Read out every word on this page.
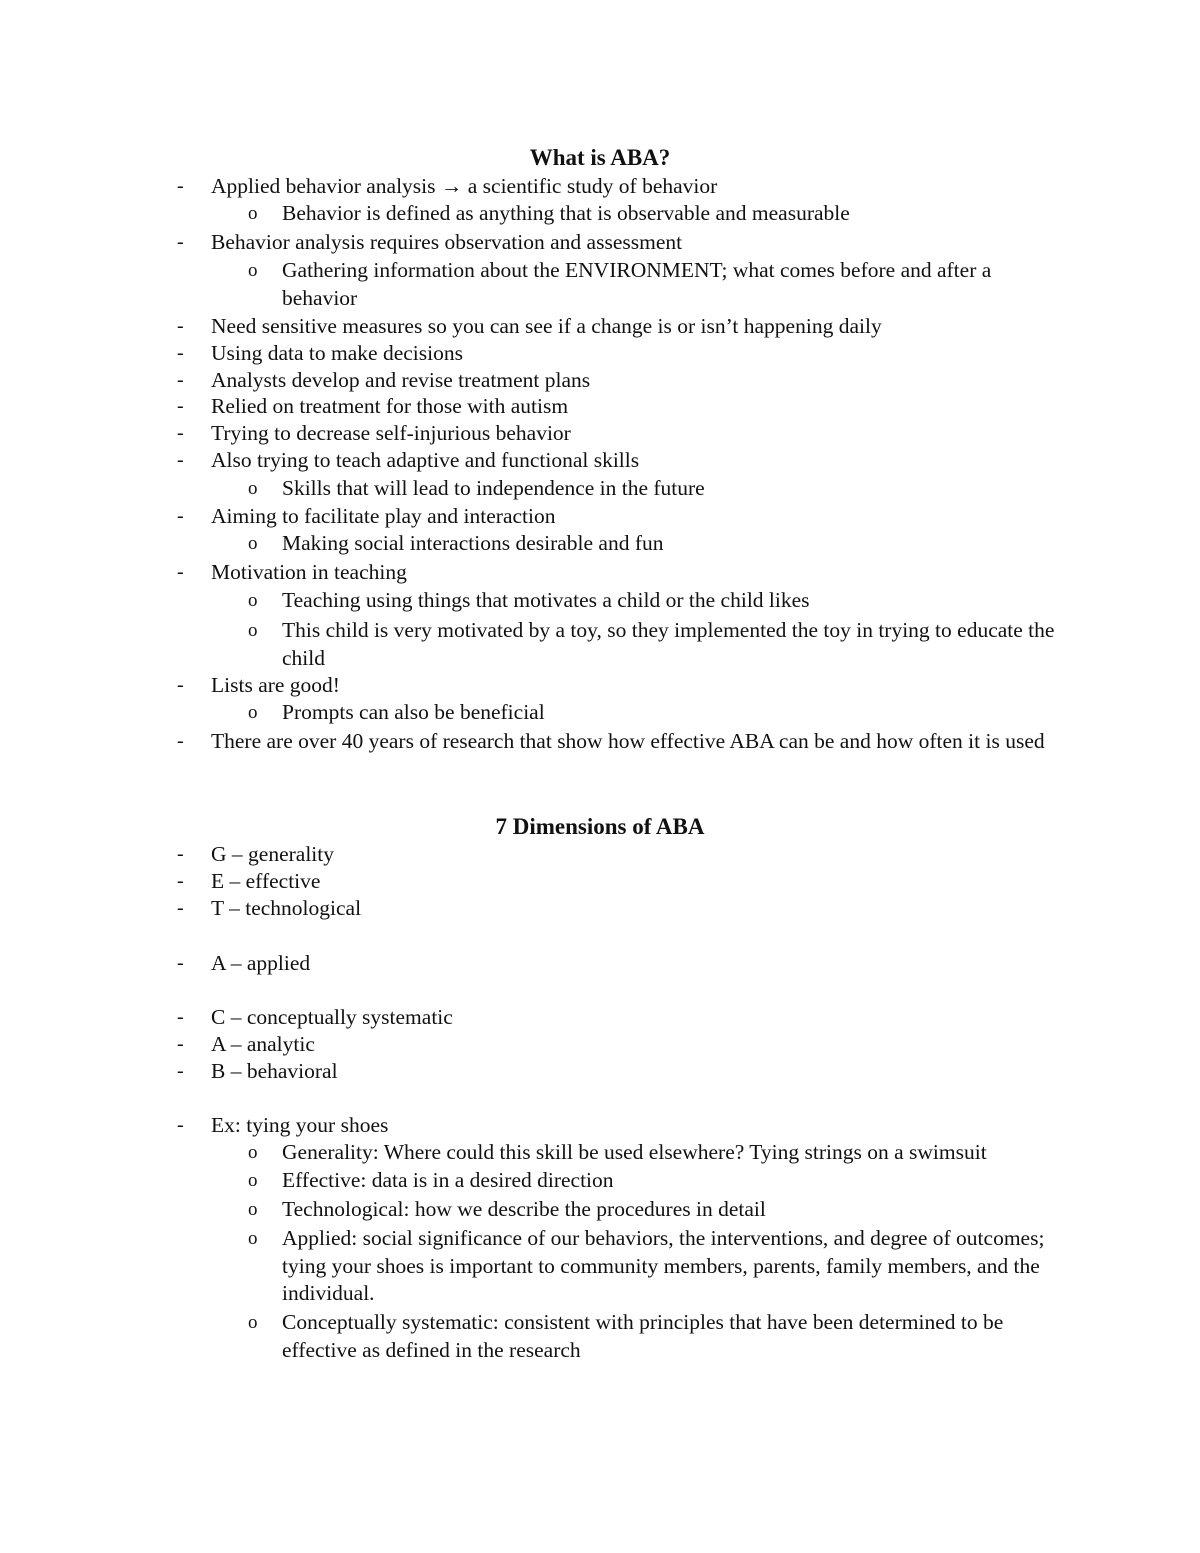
What is ABA?
-	Applied behavior analysis → a scientific study of behavior
o	Behavior is defined as anything that is observable and measurable
-	Behavior analysis requires observation and assessment
o	Gathering information about the ENVIRONMENT; what comes before and after a behavior
-	Need sensitive measures so you can see if a change is or isn’t happening daily
-	Using data to make decisions
-	Analysts develop and revise treatment plans
-	Relied on treatment for those with autism
-	Trying to decrease self-injurious behavior
-	Also trying to teach adaptive and functional skills
o	Skills that will lead to independence in the future
-	Aiming to facilitate play and interaction
o	Making social interactions desirable and fun
-	Motivation in teaching
o	Teaching using things that motivates a child or the child likes
o	This child is very motivated by a toy, so they implemented the toy in trying to educate the child
-	Lists are good!
o	Prompts can also be beneficial
-	There are over 40 years of research that show how effective ABA can be and how often it is used
7 Dimensions of ABA
-	G – generality
-	E – effective
-	T – technological
-	A – applied
-	C – conceptually systematic
-	A – analytic
-	B – behavioral
-	Ex: tying your shoes
o	Generality: Where could this skill be used elsewhere? Tying strings on a swimsuit
o	Effective: data is in a desired direction
o	Technological: how we describe the procedures in detail
o	Applied: social significance of our behaviors, the interventions, and degree of outcomes; tying your shoes is important to community members, parents, family members, and the individual.
o	Conceptually systematic: consistent with principles that have been determined to be effective as defined in the research
